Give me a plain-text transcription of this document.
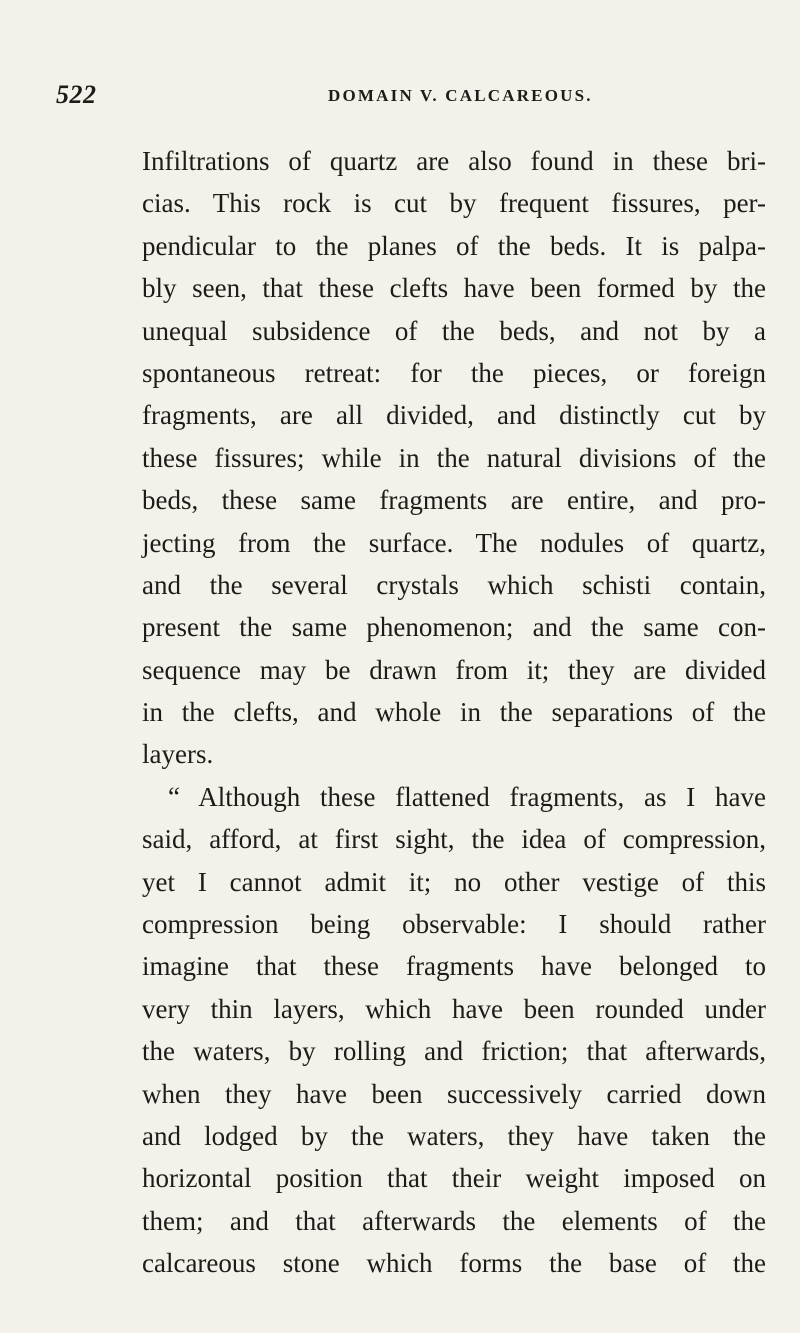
522	DOMAIN V. CALCAREOUS.
Infiltrations of quartz are also found in these bri-
cias. This rock is cut by frequent fissures, per-
pendicular to the planes of the beds. It is palpa-
bly seen, that these clefts have been formed by the
unequal subsidence of the beds, and not by a
spontaneous retreat: for the pieces, or foreign
fragments, are all divided, and distinctly cut by
these fissures; while in the natural divisions of the
beds, these same fragments are entire, and pro-
jecting from the surface. The nodules of quartz,
and the several crystals which schisti contain,
present the same phenomenon; and the same con-
sequence may be drawn from it; they are divided
in the clefts, and whole in the separations of the
layers.
“ Although these flattened fragments, as I have
said, afford, at first sight, the idea of compression,
yet I cannot admit it; no other vestige of this
compression being observable: I should rather
imagine that these fragments have belonged to
very thin layers, which have been rounded under
the waters, by rolling and friction; that afterwards,
when they have been successively carried down
and lodged by the waters, they have taken the
horizontal position that their weight imposed on
them; and that afterwards the elements of the
calcareous stone which forms the base of the
